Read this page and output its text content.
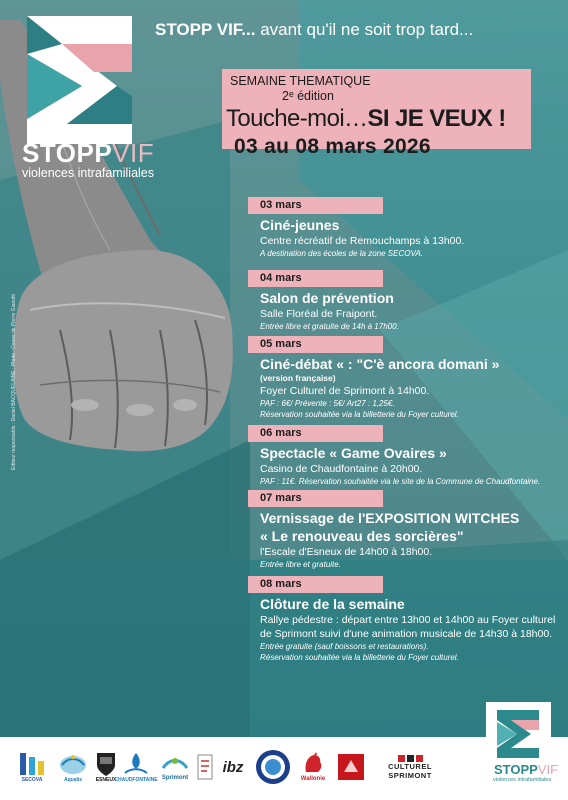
STOPPVIF
violences intrafamiliales
STOPP VIF... avant qu'il ne soit trop tard...
SEMAINE THEMATIQUE
2ᵉ édition
Touche-moi…SI JE VEUX !
03 au 08 mars 2026
03 mars
Ciné-jeunes
Centre récréatif de Remouchamps à 13h00.
A destination des écoles de la zone SECOVA.
04 mars
Salon de prévention
Salle Floréal de Fraipont.
Entrée libre et gratuite de 14h à 17h00.
05 mars
Ciné-débat « : "C'è ancora domani »
(version française)
Foyer Culturel de Sprimont à 14h00.
PAF : 6€/ Prévente : 5€/ Art27 : 1,25€.
Réservation souhaitée via la billetterie du Foyer culturel.
06 mars
Spectacle « Game Ovaires »
Casino de Chaudfontaine à 20h00.
PAF : 11€. Réservation souhaitée via le site de la Commune de Chaudfontaine.
07 mars
Vernissage de l'EXPOSITION WITCHES
« Le renouveau des sorcières"
l'Escale d'Esneux de 14h00 à 18h00.
Entrée libre et gratuite.
08 mars
Clôture de la semaine
Rallye pédestre : départ entre 13h00 et 14h00 au Foyer culturel de Sprimont suivi d'une animation musicale de 14h30 à 18h00.
Entrée gratuite (sauf boissons et restaurations).
Réservation souhaitée via la billetterie du Foyer culturel.
Éditeur responsable : Daniel BACQUELAINE ; Photo : Canva de Pierre Gianotti
SECOVA	Aqualis	ESNEUX
CHAUDFONTAINE Sprimont
ibz
Wallonie
CULTUREL SPRIMONT	STOPPVIF
violences intrafamiliales
